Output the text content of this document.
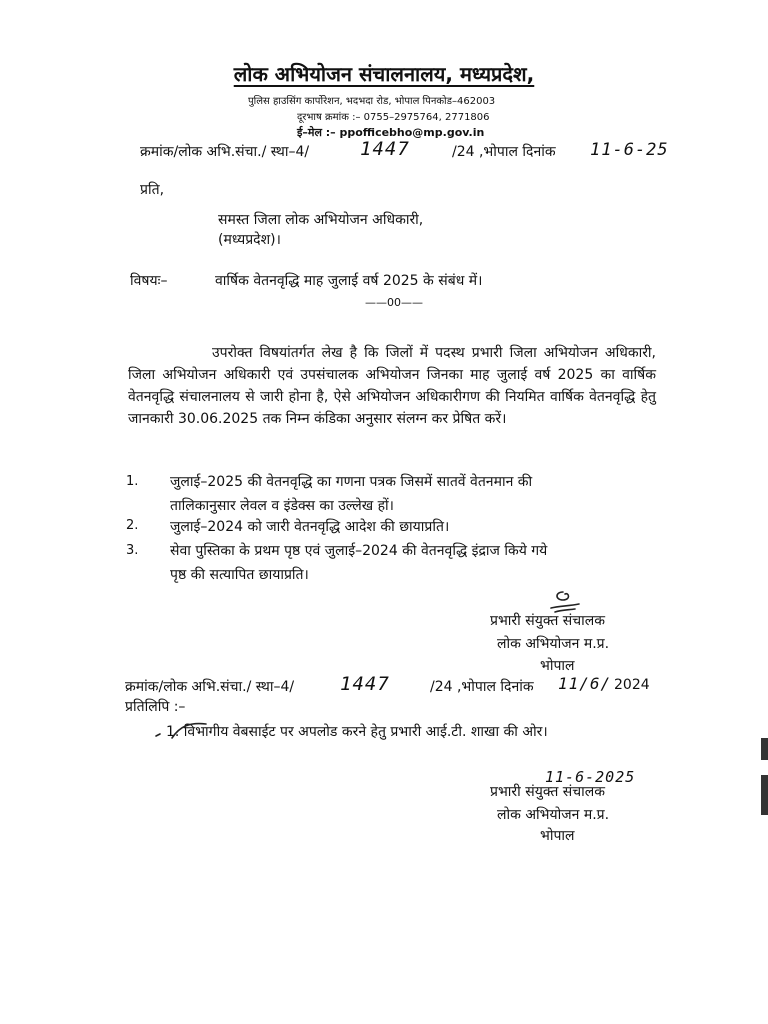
लोक अभियोजन संचालनालय, मध्यप्रदेश,
पुलिस हाउसिंग कार्पोरेशन, भदभदा रोड, भोपाल पिनकोड–462003
दूरभाष क्रमांक :– 0755–2975764, 2771806
ई–मेल :– ppofficebho@mp.gov.in
क्रमांक/लोक अभि.संचा./ स्था–4/	1447	/24 ,भोपाल दिनांक 11-6-25
प्रति,
समस्त जिला लोक अभियोजन अधिकारी,
(मध्यप्रदेश)।
विषयः–	वार्षिक वेतनवृद्धि माह जुलाई वर्ष 2025 के संबंध में।
——00——

उपरोक्त विषयांतर्गत लेख है कि जिलों में पदस्थ प्रभारी जिला अभियोजन अधिकारी, जिला अभियोजन अधिकारी एवं उपसंचालक अभियोजन जिनका माह जुलाई वर्ष 2025 का वार्षिक वेतनवृद्धि संचालनालय से जारी होना है, ऐसे अभियोजन अधिकारीगण की नियमित वार्षिक वेतनवृद्धि हेतु जानकारी 30.06.2025 तक निम्न कंडिका अनुसार संलग्न कर प्रेषित करें।

1. जुलाई–2025 की वेतनवृद्धि का गणना पत्रक जिसमें सातवें वेतनमान की
तालिकानुसार लेवल व इंडेक्स का उल्लेख हों।
2. जुलाई–2024 को जारी वेतनवृद्धि आदेश की छायाप्रति।
3. सेवा पुस्तिका के प्रथम पृष्ठ एवं जुलाई–2024 की वेतनवृद्धि इंद्राज किये गये
पृष्ठ की सत्यापित छायाप्रति।
प्रभारी संयुक्त संचालक
लोक अभियोजन म.प्र.
भोपाल
क्रमांक/लोक अभि.संचा./ स्था–4/ 1447	/24 ,भोपाल दिनांक 11/6/ 2024
प्रतिलिपि :–
1. विभागीय वेबसाईट पर अपलोड करने हेतु प्रभारी आई.टी. शाखा की ओर।
11-6-2025
प्रभारी संयुक्त संचालक
लोक अभियोजन म.प्र.
भोपाल
